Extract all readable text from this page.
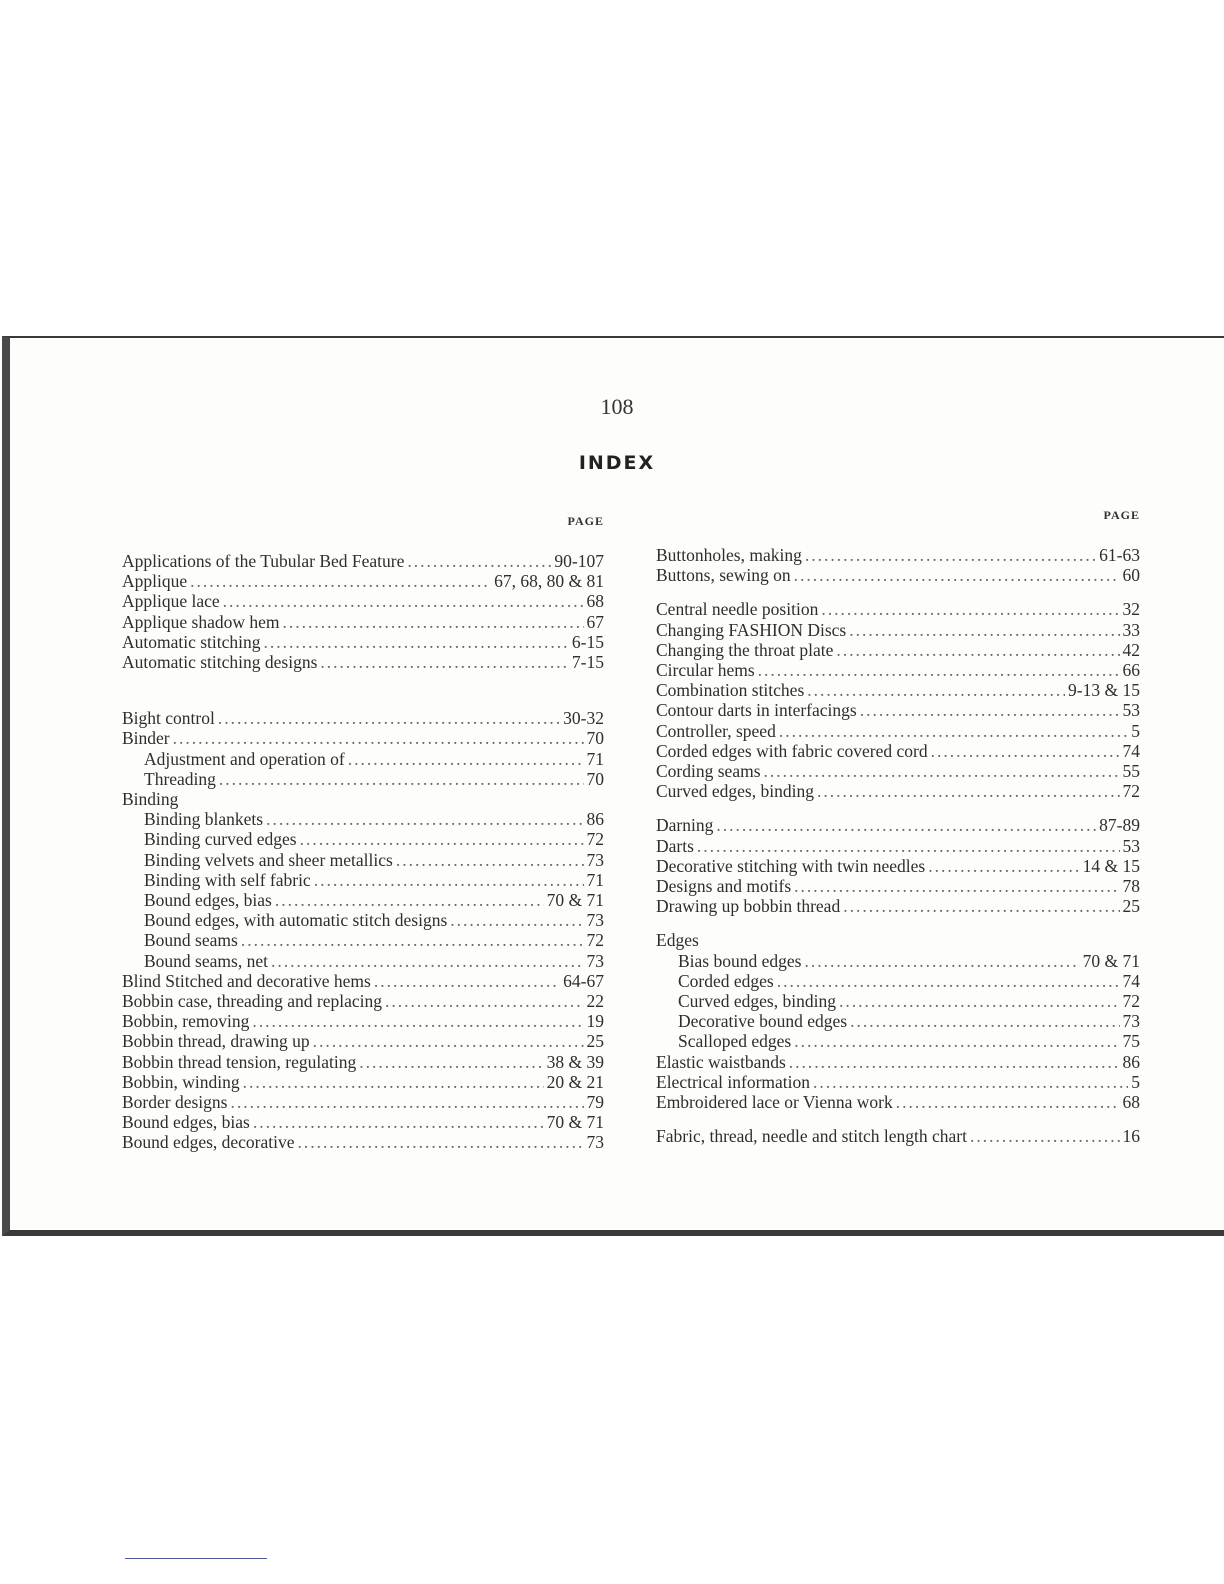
108
INDEX
PAGE
Applications of the Tubular Bed Feature .....	90-107
Applique .....	67, 68, 80 & 81
Applique lace .....	68
Applique shadow hem .....	67
Automatic stitching .....	6-15
Automatic stitching designs .....	7-15
Bight control .....	30-32
Binder .....	70
Adjustment and operation of .....	71
Threading .....	70
Binding
Binding blankets .....	86
Binding curved edges .....	72
Binding velvets and sheer metallics .....	73
Binding with self fabric .....	71
Bound edges, bias .....	70 & 71
Bound edges, with automatic stitch designs .....	73
Bound seams .....	72
Bound seams, net .....	73
Blind Stitched and decorative hems .....	64-67
Bobbin case, threading and replacing .....	22
Bobbin, removing .....	19
Bobbin thread, drawing up .....	25
Bobbin thread tension, regulating .....	38 & 39
Bobbin, winding .....	20 & 21
Border designs .....	79
Bound edges, bias .....	70 & 71
Bound edges, decorative .....	73
PAGE
Buttonholes, making .....	61-63
Buttons, sewing on .....	60
Central needle position .....	32
Changing FASHION Discs .....	33
Changing the throat plate .....	42
Circular hems .....	66
Combination stitches .....	9-13 & 15
Contour darts in interfacings .....	53
Controller, speed .....	5
Corded edges with fabric covered cord .....	74
Cording seams .....	55
Curved edges, binding .....	72
Darning .....	87-89
Darts .....	53
Decorative stitching with twin needles .....	14 & 15
Designs and motifs .....	78
Drawing up bobbin thread .....	25
Edges
Bias bound edges .....	70 & 71
Corded edges .....	74
Curved edges, binding .....	72
Decorative bound edges .....	73
Scalloped edges .....	75
Elastic waistbands .....	86
Electrical information .....	5
Embroidered lace or Vienna work .....	68
Fabric, thread, needle and stitch length chart .....	16
